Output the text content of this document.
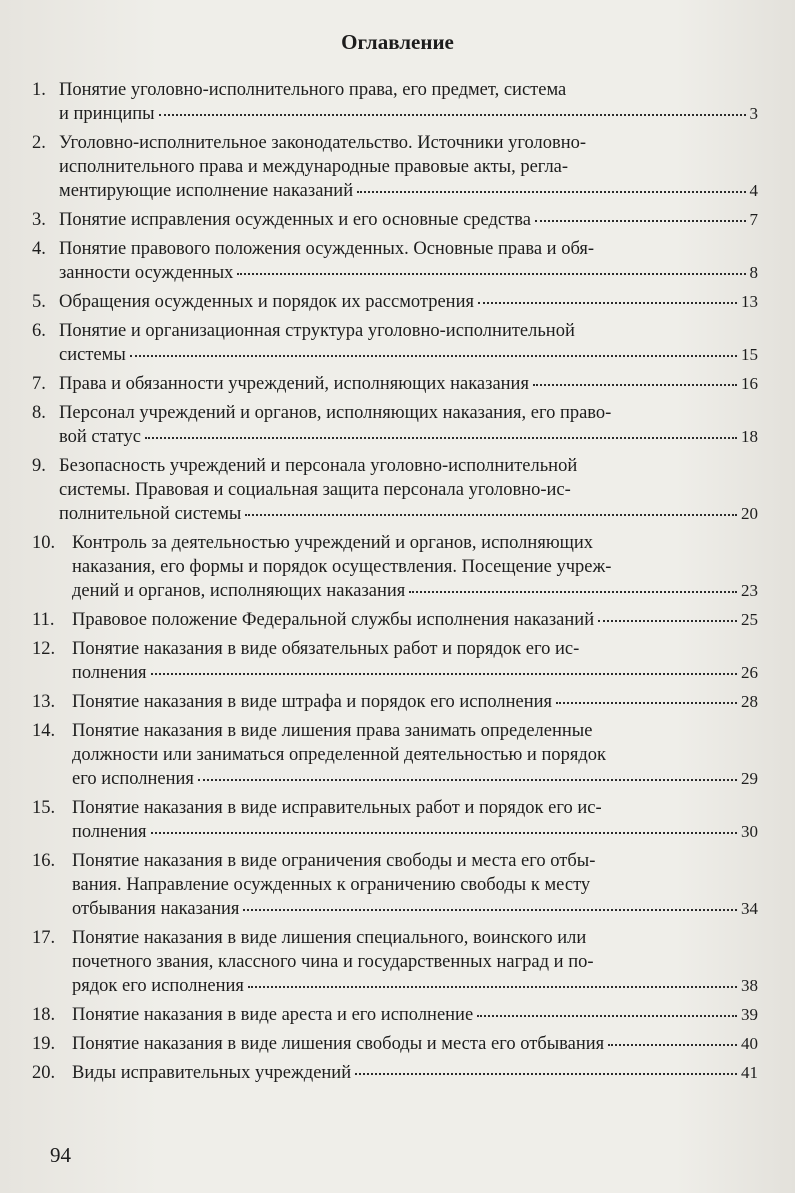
Оглавление
1. Понятие уголовно-исполнительного права, его предмет, система
и принципы	3
2. Уголовно-исполнительное законодательство. Источники уголовно-
исполнительного права и международные правовые акты, регла-
ментирующие исполнение наказаний	4
3. Понятие исправления осужденных и его основные средства	7
4. Понятие правового положения осужденных. Основные права и обя-
занности осужденных	8
5. Обращения осужденных и порядок их рассмотрения	13
6. Понятие и организационная структура уголовно-исполнительной
системы	15
7. Права и обязанности учреждений, исполняющих наказания	16
8. Персонал учреждений и органов, исполняющих наказания, его право-
вой статус	18
9. Безопасность учреждений и персонала уголовно-исполнительной
системы. Правовая и социальная защита персонала уголовно-ис-
полнительной системы	20
10. Контроль за деятельностью учреждений и органов, исполняющих
наказания, его формы и порядок осуществления. Посещение учреж-
дений и органов, исполняющих наказания	23
11. Правовое положение Федеральной службы исполнения наказаний	25
12. Понятие наказания в виде обязательных работ и порядок его ис-
полнения	26
13. Понятие наказания в виде штрафа и порядок его исполнения	28
14. Понятие наказания в виде лишения права занимать определенные
должности или заниматься определенной деятельностью и порядок
его исполнения	29
15. Понятие наказания в виде исправительных работ и порядок его ис-
полнения	30
16. Понятие наказания в виде ограничения свободы и места его отбы-
вания. Направление осужденных к ограничению свободы к месту
отбывания наказания	34
17. Понятие наказания в виде лишения специального, воинского или
почетного звания, классного чина и государственных наград и по-
рядок его исполнения	38
18. Понятие наказания в виде ареста и его исполнение	39
19. Понятие наказания в виде лишения свободы и места его отбывания	40
20. Виды исправительных учреждений	41
94
